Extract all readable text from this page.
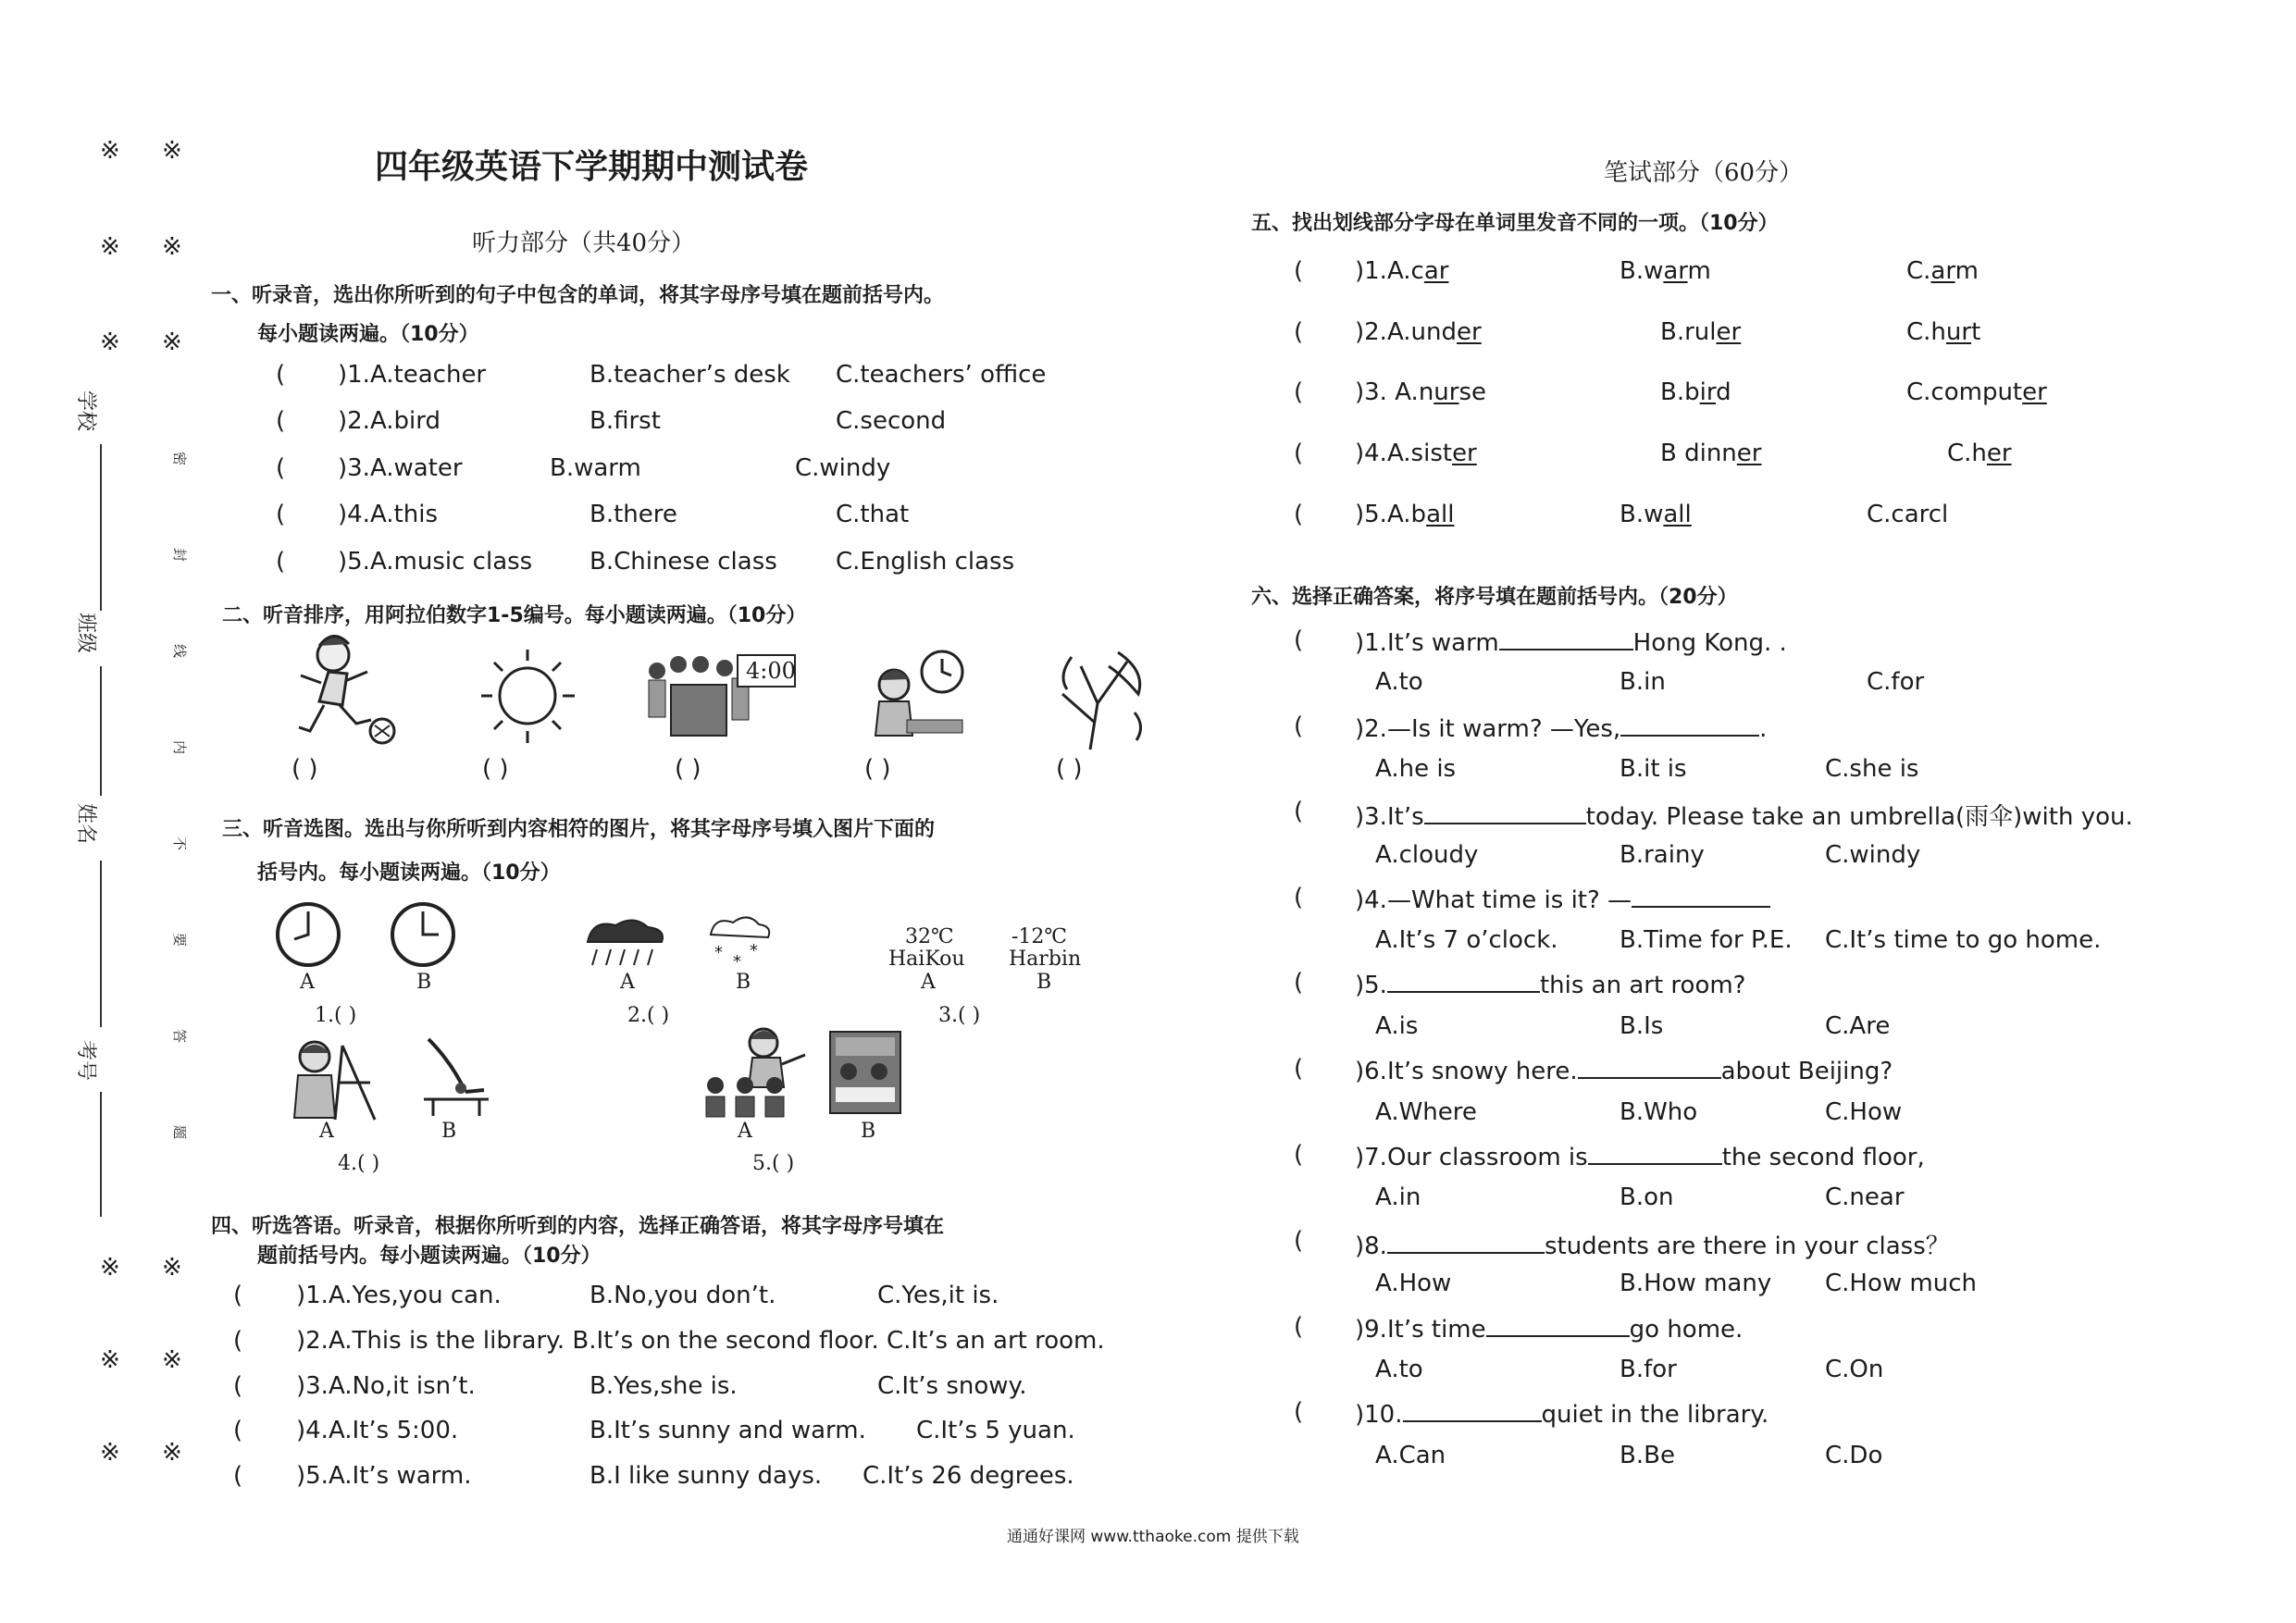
※ ※
※ ※
※ ※
※ ※
※ ※
※ ※
学校
班级
姓名
考号
密
封
线
内
不
要
答
题
四年级英语下学期期中测试卷
听力部分（共40分）
一、听录音，选出你所听到的句子中包含的单词，将其字母序号填在题前括号内。
每小题读两遍。（10分）
( )1.A.teacher	B.teacher’s desk C.teachers’ office
( )2.A.bird	B.first	C.second
( )3.A.water	B.warm	C.windy
( )4.A.this	B.there	C.that
( )5.A.music class B.Chinese class C.English class
二、听音排序，用阿拉伯数字1-5编号。每小题读两遍。（10分）
4:00
( )	( )	( )	( )	( )
三、听音选图。选出与你所听到内容相符的图片，将其字母序号填入图片下面的
括号内。每小题读两遍。（10分）
A	B
1.( )
* *
*
A	B
2.( )
32℃
HaiKou
-12℃
Harbin
A	B
3.( )
A	B
4.( )
A	B
5.( )
四、听选答语。听录音，根据你所听到的内容，选择正确答语，将其字母序号填在
题前括号内。每小题读两遍。（10分）
( )1.A.Yes,you can.	B.No,you don’t.	C.Yes,it is.
( )2.A.This is the library. B.It’s on the second floor. C.It’s an art room.
( )3.A.No,it isn’t.	B.Yes,she is.	C.It’s snowy.
( )4.A.It’s 5:00.	B.It’s sunny and warm. C.It’s 5 yuan.
( )5.A.It’s warm.	B.I like sunny days. C.It’s 26 degrees.
笔试部分（60分）
五、找出划线部分字母在单词里发音不同的一项。（10分）
( )1.A.car	B.warm	C.arm
( )2.A.under	B.ruler	C.hurt
( )3. A.nurse	B.bird	C.computer
( )4.A.sister	B dinner	C.her
( )5.A.ball	B.wall	C.carcl
六、选择正确答案，将序号填在题前括号内。（20分）
( )1.It’s warm	Hong Kong. .
A.to	B.in	C.for
( )2.—Is it warm? —Yes,	.
A.he is	B.it is	C.she is
( )3.It’s	today. Please take an umbrella(雨伞)with you.
A.cloudy	B.rainy	C.windy
( )4.—What time is it? —
A.It’s 7 o’clock.	B.Time for P.E. C.It’s time to go home.
( )5.	this an art room?
A.is	B.Is	C.Are
( )6.It’s snowy here.	about Beijing?
A.Where	B.Who	C.How
( )7.Our classroom is	the second floor,
A.in	B.on	C.near
( )8.	students are there in your class？
A.How	B.How many C.How much
( )9.It’s time	go home.
A.to	B.for	C.On
( )10.	quiet in the library.
A.Can	B.Be	C.Do
通通好课网 www.tthaoke.com 提供下载
